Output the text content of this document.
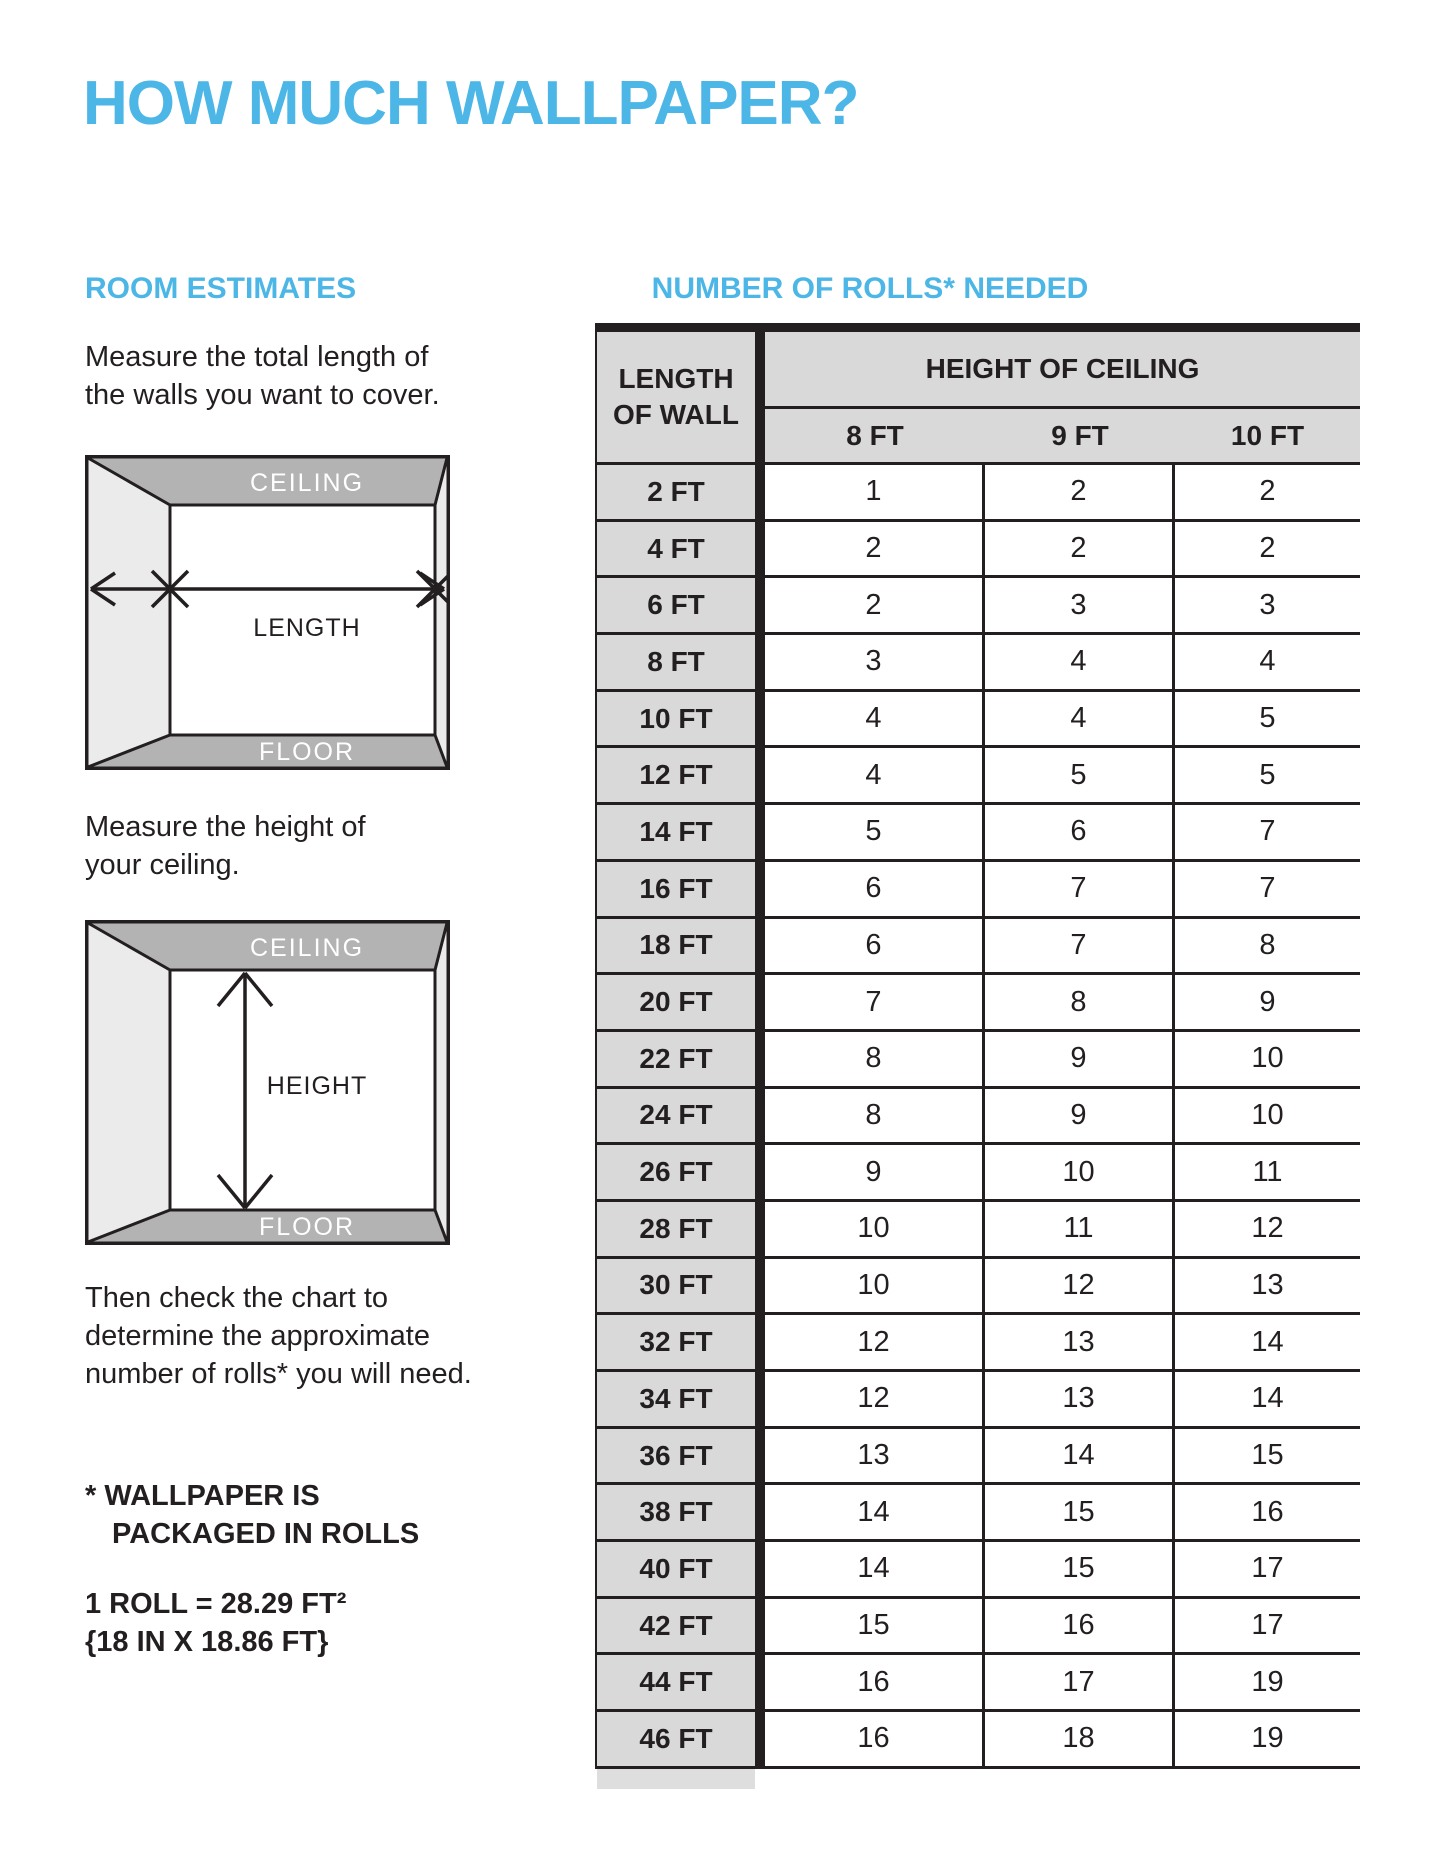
HOW MUCH WALLPAPER?
ROOM ESTIMATES	NUMBER OF ROLLS* NEEDED

Measure the total length of
the walls you want to cover.

CEILING
LENGTH
FLOOR

Measure the height of
your ceiling.

CEILING
HEIGHT
FLOOR

Then check the chart to
determine the approximate
number of rolls* you will need.

* WALLPAPER IS
PACKAGED IN ROLLS

1 ROLL = 28.29 FT²
{18 IN X 18.86 FT}

LENGTH
OF WALL
HEIGHT OF CEILING
8 FT	9 FT	10 FT
2 FT	1	2	2
4 FT	2	2	2
6 FT	2	3	3
8 FT	3	4	4
10 FT	4	4	5
12 FT	4	5	5
14 FT	5	6	7
16 FT	6	7	7
18 FT	6	7	8
20 FT	7	8	9
22 FT	8	9	10
24 FT	8	9	10
26 FT	9	10	11
28 FT	10	11	12
30 FT	10	12	13
32 FT	12	13	14
34 FT	12	13	14
36 FT	13	14	15
38 FT	14	15	16
40 FT	14	15	17
42 FT	15	16	17
44 FT	16	17	19
46 FT	16	18	19
